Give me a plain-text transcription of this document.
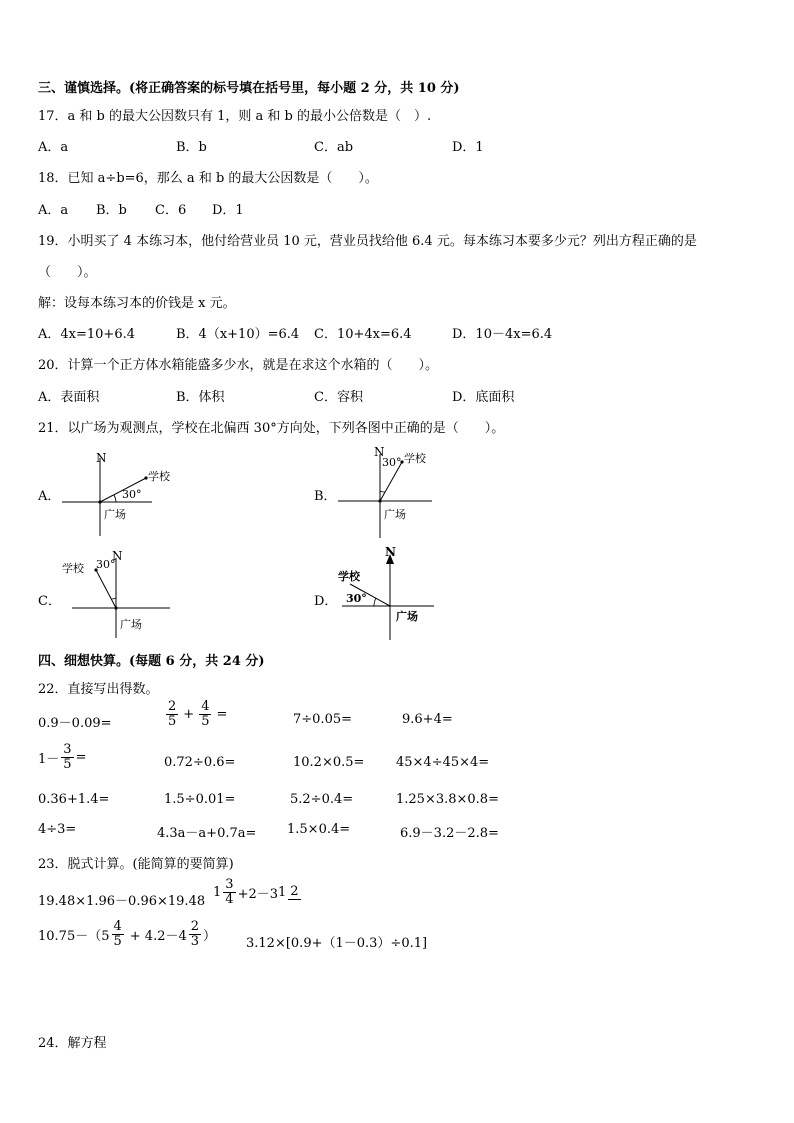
三、谨慎选择。(将正确答案的标号填在括号里，每小题 2 分，共 10 分)
17．a 和 b 的最大公因数只有 1，则 a 和 b 的最小公倍数是（　）.
A．a	B．b	C．ab	D．1
18．已知 a÷b=6，那么 a 和 b 的最大公因数是（　　）。
A．a B．b C．6 D．1
19．小明买了 4 本练习本，他付给营业员 10 元，营业员找给他 6.4 元。每本练习本要多少元？列出方程正确的是
（　　）。
解：设每本练习本的价钱是 x 元。
A．4x=10+6.4	B．4（x+10）=6.4 C．10+4x=6.4	D．10－4x=6.4
20．计算一个正方体水箱能盛多少水，就是在求这个水箱的（　　）。
A．表面积	B．体积	C．容积	D．底面积
21．以广场为观测点，学校在北偏西 30°方向处，下列各图中正确的是（　　）。
A．
N
学校
30°
广场
B．
N
30° 学校
广场
C．
N
学校 30°
广场
D．
N
学校
30°
广场
四、细想快算。(每题 6 分，共 24 分)
22．直接写出得数。
0.9－0.09=	$\frac{2}{5} + \frac{4}{5}$ =	7÷0.05=	9.6+4=
$1- \frac{3}{5}$ =	0.72÷0.6=	10.2×0.5= 45×4÷45×4=
0.36+1.4=	1.5÷0.01=	5.2÷0.4=	1.25×3.8×0.8=
4÷3=	4.3a－a+0.7a= 1.5×0.4=	6.9－3.2－2.8=
23．脱式计算。(能简算的要简算)
19.48×1.96－0.96×19.48
$1 \frac{3}{4} +2-3$ 1 2
$10.75-(5 \frac{4}{5} + 4.2-4 \frac{2}{3}$ ） 3.12×[0.9+（1－0.3）÷0.1]
24．解方程
